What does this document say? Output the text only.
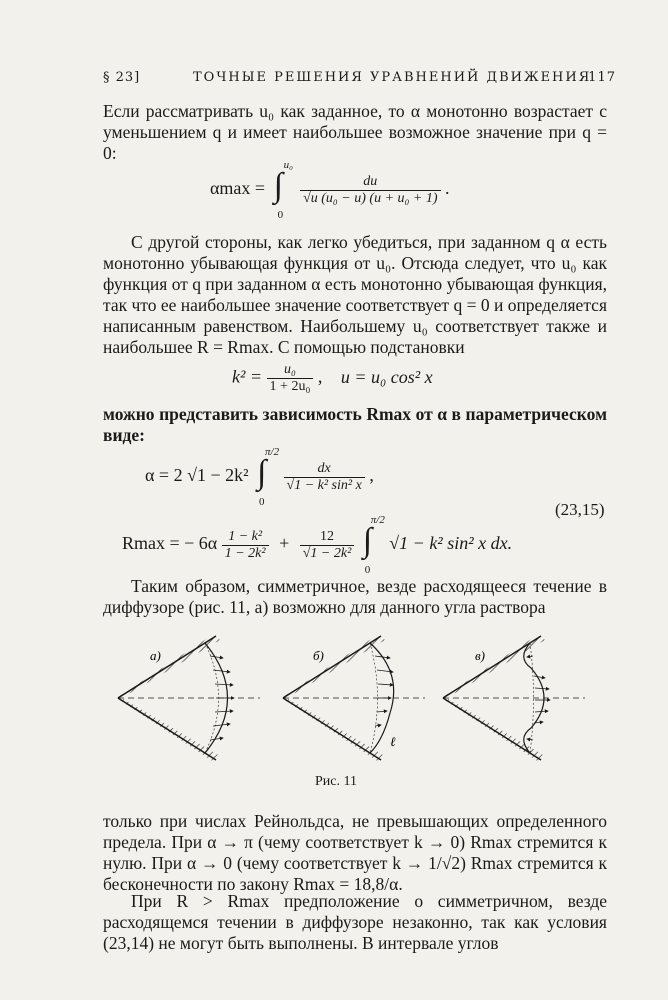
§ 23]	ТОЧНЫЕ РЕШЕНИЯ УРАВНЕНИЙ ДВИЖЕНИЯ
117
Если рассматривать u₀ как заданное, то α монотонно возрастает с уменьшением q и имеет наибольшее возможное значение при q = 0:
αmax = ∫
u₀
0

$\frac{du}{\text{√u (u₀ − u) (u + u₀ + 1)}}$ .
С другой стороны, как легко убедиться, при заданном q α есть монотонно убывающая функция от u₀. Отсюда следует, что u₀ как функция от q при заданном α есть монотонно убывающая функция, так что ее наибольшее значение соответствует q = 0 и определяется написанным равенством. Наибольшему u₀ соответствует также и наибольшее R = Rmax. С помощью подстановки
$k^2 = \frac{\text{u₀}}{\text{1 + 2u₀}}$ , u = u₀ cos² x
можно представить зависимость Rmax от α в параметрическом виде:
α = 2 √1 − 2k² ∫
π/2
0

$\frac{dx}{\text{√1 − k² sin² x}}$ ,
(23,15)
Rmax = − $6\alpha \frac{\text{1 − k²}}{\text{1 − 2k²}} + \frac{12}{\text{√1 − 2k²}}$
∫
π/2
0
√1 − k² sin² x dx.
Таким образом, симметричное, везде расходящееся течение в диффузоре (рис. 11, а) возможно для данного угла раствора
а)	б)
ℓ
в)
Рис. 11
только при числах Рейнольдса, не превышающих определенного предела. При α → π (чему соответствует k → 0) Rmax стремится к нулю. При α → 0 (чему соответствует k → 1/√2) Rmax стремится к бесконечности по закону Rmax = 18,8/α.
При R > Rmax предположение о симметричном, везде расходящемся течении в диффузоре незаконно, так как условия (23,14) не могут быть выполнены. В интервале углов
